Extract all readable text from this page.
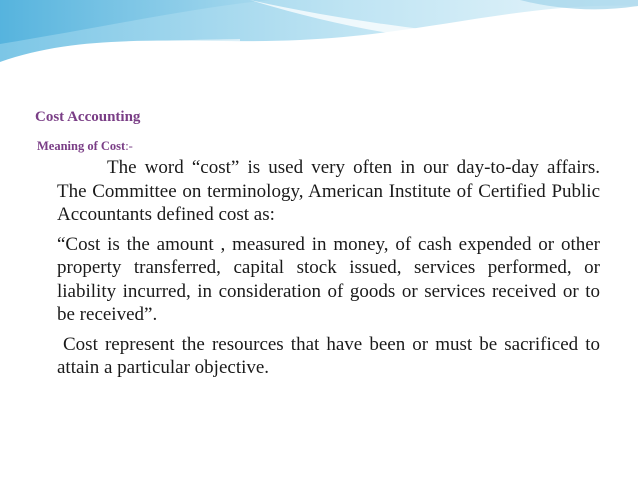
Cost Accounting
Meaning of Cost:-

The word “cost” is used very often in our day-to-day affairs. The Committee on terminology, American Institute of Certified Public Accountants defined cost as:

“Cost is the amount , measured in money, of cash expended or other property transferred, capital stock issued, services performed, or liability incurred, in consideration of goods or services received or to be received”.

Cost represent the resources that have been or must be sacrificed to attain a particular objective.
